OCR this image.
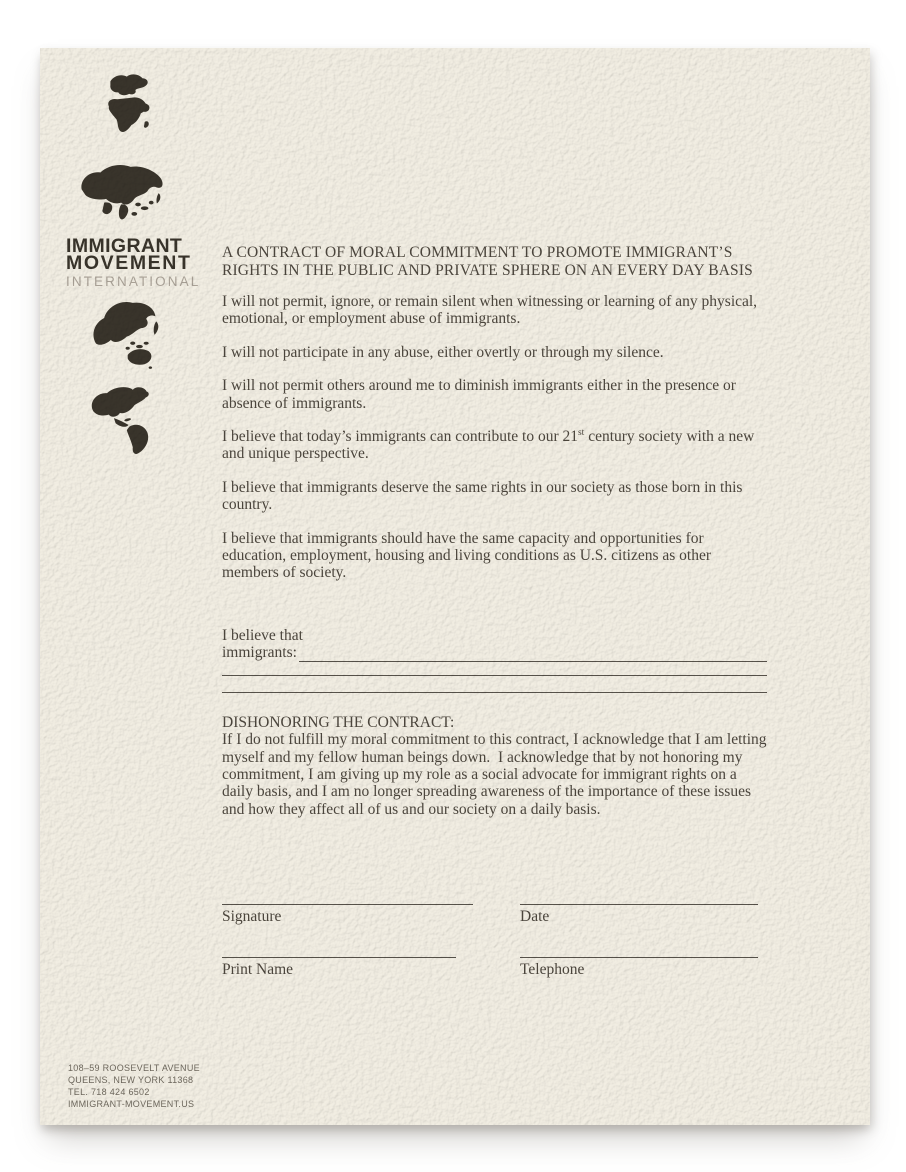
IMMIGRANT
MOVEMENT
INTERNATIONAL

A CONTRACT OF MORAL COMMITMENT TO PROMOTE IMMIGRANT’S
RIGHTS IN THE PUBLIC AND PRIVATE SPHERE ON AN EVERY DAY BASIS

I will not permit, ignore, or remain silent when witnessing or learning of any physical, emotional, or employment abuse of immigrants.

I will not participate in any abuse, either overtly or through my silence.

I will not permit others around me to diminish immigrants either in the presence or absence of immigrants.

I believe that today’s immigrants can contribute to our 21st century society with a new and unique perspective.

I believe that immigrants deserve the same rights in our society as those born in this country.

I believe that immigrants should have the same capacity and opportunities for education, employment, housing and living conditions as U.S. citizens as other members of society.

I believe that
immigrants:

DISHONORING THE CONTRACT:

If I do not fulfill my moral commitment to this contract, I acknowledge that I am letting myself and my fellow human beings down.  I acknowledge that by not honoring my commitment, I am giving up my role as a social advocate for immigrant rights on a daily basis, and I am no longer spreading awareness of the importance of these issues and how they affect all of us and our society on a daily basis.

Signature	Date
Print Name	Telephone
108–59 ROOSEVELT AVENUE
QUEENS, NEW YORK 11368
TEL. 718 424 6502
IMMIGRANT-MOVEMENT.US
